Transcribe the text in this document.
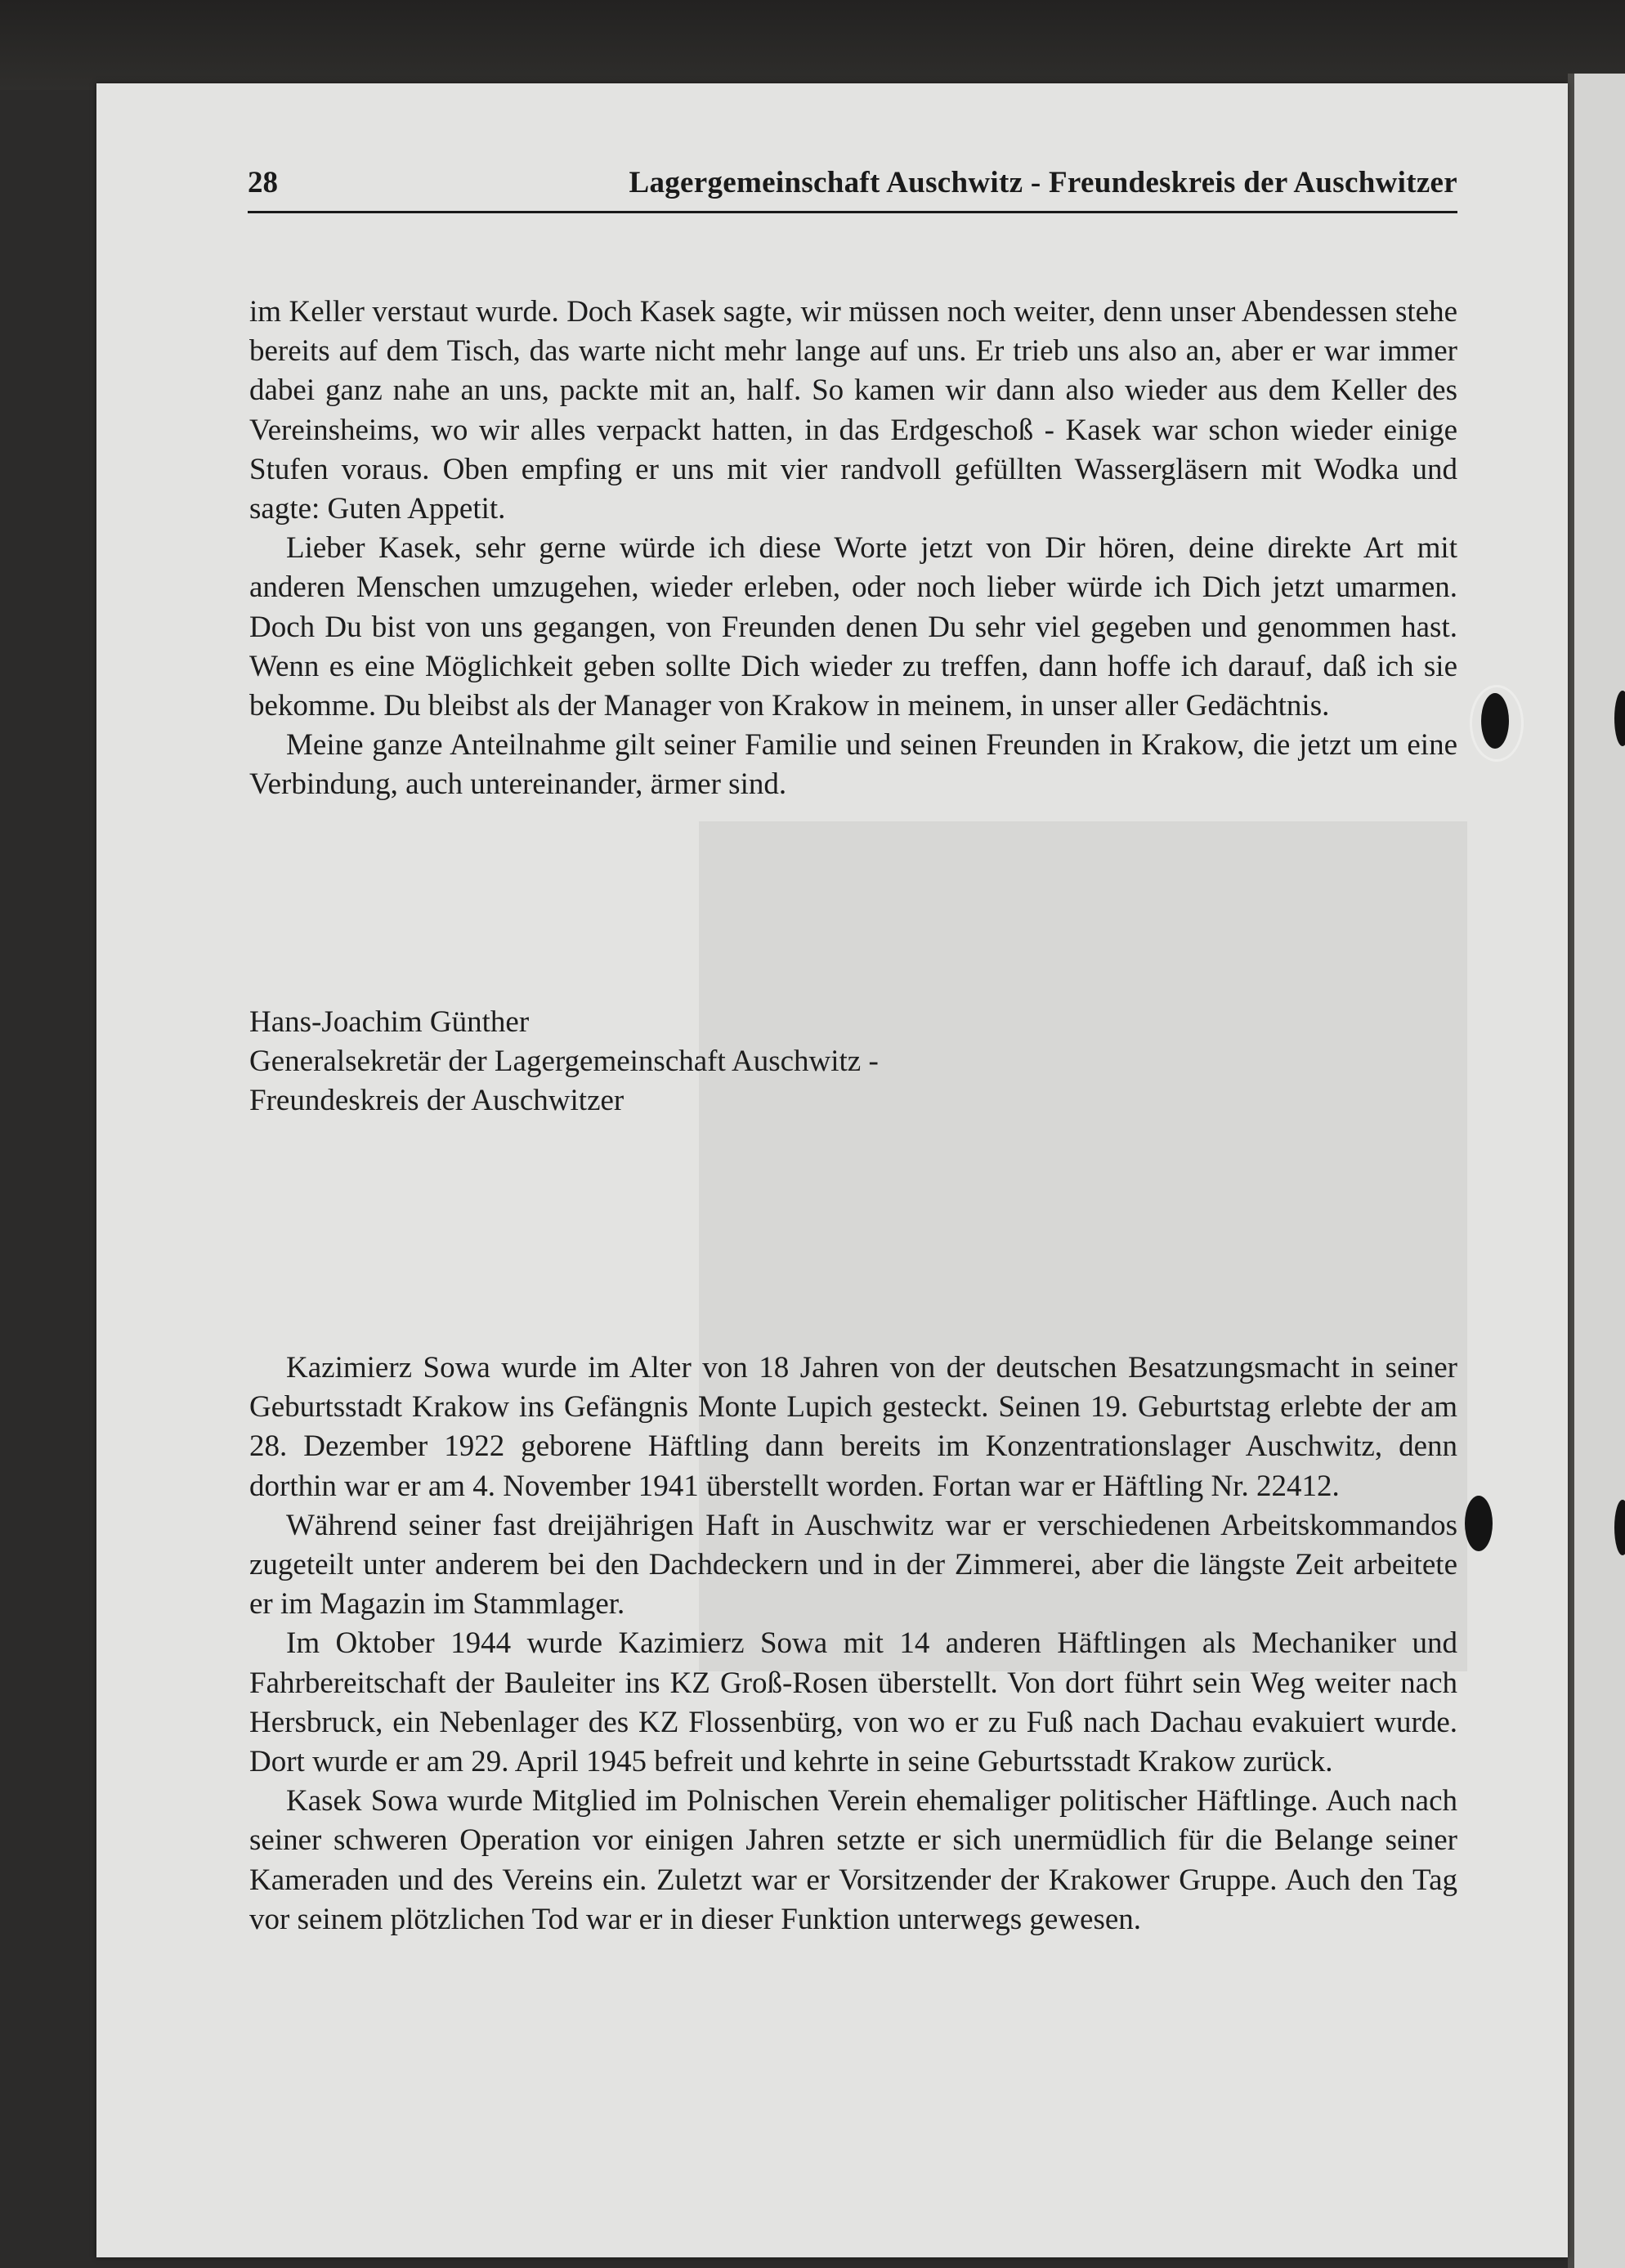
28	Lagergemeinschaft Auschwitz - Freundeskreis der Auschwitzer

im Keller verstaut wurde. Doch Kasek sagte, wir müssen noch weiter, denn unser Abendessen stehe bereits auf dem Tisch, das warte nicht mehr lange auf uns. Er trieb uns also an, aber er war immer dabei ganz nahe an uns, packte mit an, half. So kamen wir dann also wieder aus dem Keller des Vereinsheims, wo wir alles verpackt hatten, in das Erdgeschoß - Kasek war schon wieder einige Stufen voraus. Oben empfing er uns mit vier randvoll gefüllten Wassergläsern mit Wodka und sagte: Guten Appetit.

Lieber Kasek, sehr gerne würde ich diese Worte jetzt von Dir hören, deine direkte Art mit anderen Menschen umzugehen, wieder erleben, oder noch lieber würde ich Dich jetzt umarmen. Doch Du bist von uns gegangen, von Freunden denen Du sehr viel gegeben und genommen hast. Wenn es eine Möglichkeit geben sollte Dich wieder zu treffen, dann hoffe ich darauf, daß ich sie bekomme. Du bleibst als der Manager von Krakow in meinem, in unser aller Gedächtnis.

Meine ganze Anteilnahme gilt seiner Familie und seinen Freunden in Krakow, die jetzt um eine Verbindung, auch untereinander, ärmer sind.

Hans-Joachim Günther
Generalsekretär der Lagergemeinschaft Auschwitz -
Freundeskreis der Auschwitzer

Kazimierz Sowa wurde im Alter von 18 Jahren von der deutschen Besatzungsmacht in seiner Geburtsstadt Krakow ins Gefängnis Monte Lupich gesteckt. Seinen 19. Geburtstag erlebte der am 28. Dezember 1922 geborene Häftling dann bereits im Konzentrationslager Auschwitz, denn dorthin war er am 4. November 1941 überstellt worden. Fortan war er Häftling Nr. 22412.

Während seiner fast dreijährigen Haft in Auschwitz war er verschiedenen Arbeitskommandos zugeteilt unter anderem bei den Dachdeckern und in der Zimmerei, aber die längste Zeit arbeitete er im Magazin im Stammlager.

Im Oktober 1944 wurde Kazimierz Sowa mit 14 anderen Häftlingen als Mechaniker und Fahrbereitschaft der Bauleiter ins KZ Groß-Rosen überstellt. Von dort führt sein Weg weiter nach Hersbruck, ein Nebenlager des KZ Flossenbürg, von wo er zu Fuß nach Dachau evakuiert wurde. Dort wurde er am 29. April 1945 befreit und kehrte in seine Geburtsstadt Krakow zurück.

Kasek Sowa wurde Mitglied im Polnischen Verein ehemaliger politischer Häftlinge. Auch nach seiner schweren Operation vor einigen Jahren setzte er sich unermüdlich für die Belange seiner Kameraden und des Vereins ein. Zuletzt war er Vorsitzender der Krakower Gruppe. Auch den Tag vor seinem plötzlichen Tod war er in dieser Funktion unterwegs gewesen.
